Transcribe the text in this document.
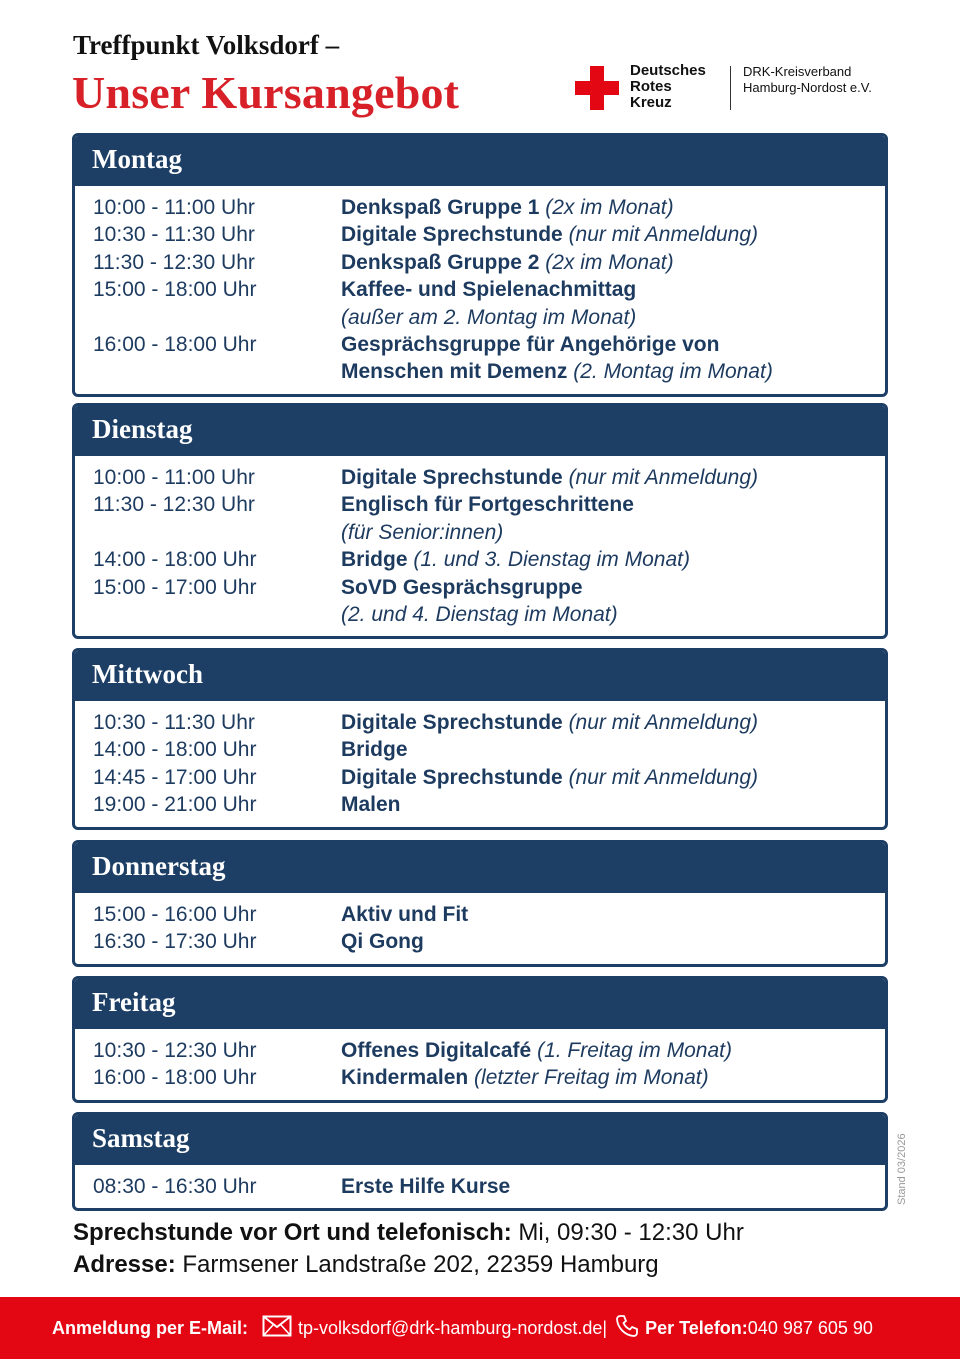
Treffpunkt Volksdorf –
Unser Kursangebot	Deutsches
Rotes
Kreuz
DRK-Kreisverband
Hamburg-Nordost e.V.
Montag
10:00 - 11:00 Uhr	Denkspaß Gruppe 1 (2x im Monat)
10:30 - 11:30 Uhr	Digitale Sprechstunde (nur mit Anmeldung)
11:30 - 12:30 Uhr	Denkspaß Gruppe 2 (2x im Monat)
15:00 - 18:00 Uhr	Kaffee- und Spielenachmittag
(außer am 2. Montag im Monat)
16:00 - 18:00 Uhr	Gesprächsgruppe für Angehörige von
Menschen mit Demenz (2. Montag im Monat)
Dienstag
10:00 - 11:00 Uhr	Digitale Sprechstunde (nur mit Anmeldung)
11:30 - 12:30 Uhr	Englisch für Fortgeschrittene
(für Senior:innen)
14:00 - 18:00 Uhr	Bridge (1. und 3. Dienstag im Monat)
15:00 - 17:00 Uhr	SoVD Gesprächsgruppe
(2. und 4. Dienstag im Monat)
Mittwoch
10:30 - 11:30 Uhr	Digitale Sprechstunde (nur mit Anmeldung)
14:00 - 18:00 Uhr	Bridge
14:45 - 17:00 Uhr	Digitale Sprechstunde (nur mit Anmeldung)
19:00 - 21:00 Uhr	Malen
Donnerstag
15:00 - 16:00 Uhr	Aktiv und Fit
16:30 - 17:30 Uhr	Qi Gong
Freitag
10:30 - 12:30 Uhr	Offenes Digitalcafé (1. Freitag im Monat)
16:00 - 18:00 Uhr	Kindermalen (letzter Freitag im Monat)
Samstag
08:30 - 16:30 Uhr	Erste Hilfe Kurse	Stand 03/2026
Sprechstunde vor Ort und telefonisch: Mi, 09:30 - 12:30 Uhr
Adresse: Farmsener Landstraße 202, 22359 Hamburg
Anmeldung per E-Mail:	tp-volksdorf@drk-hamburg-nordost.de | Per Telefon: 040 987 605 90
